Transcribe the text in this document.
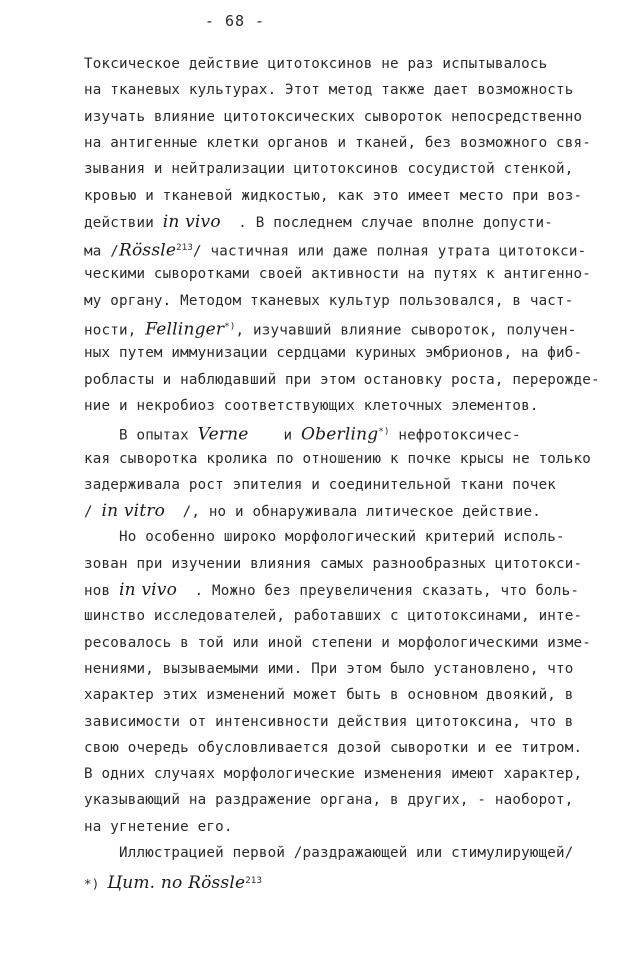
- 68 -
Токсическое действие цитотоксинов не раз испытывалось
на тканевых культурах. Этот метод также дает возможность
изучать влияние цитотоксических сывороток непосредственно
на антигенные клетки органов и тканей, без возможного свя-
зывания и нейтрализации цитотоксинов сосудистой стенкой,
кровью и тканевой жидкостью, как это имеет место при воз-
действии in vivo  . В последнем случае вполне допусти-
ма /Rössle$^{213}$/ частичная или даже полная утрата цитотокси-
ческими сыворотками своей активности на путях к антигенно-
му органу. Методом тканевых культур пользовался, в част-
ности, Fellinger*), изучавший влияние сывороток, получен-
ных путем иммунизации сердцами куриных эмбрионов, на фиб-
робласты и наблюдавший при этом остановку роста, перерожде-
ние и некробиоз соответствующих клеточных элементов.
В опытах Verne    и Oberling*) нефротоксичес-
кая сыворотка кролика по отношению к почке крысы не только
задерживала рост эпителия и соединительной ткани почек
/ in vitro  /, но и обнаруживала литическое действие.
Но особенно широко морфологический критерий исполь-
зован при изучении влияния самых разнообразных цитотокси-
нов in vivo  . Можно без преувеличения сказать, что боль-
шинство исследователей, работавших с цитотоксинами, инте-
ресовалось в той или иной степени и морфологическими изме-
нениями, вызываемыми ими. При этом было установлено, что
характер этих изменений может быть в основном двоякий, в
зависимости от интенсивности действия цитотоксина, что в
свою очередь обусловливается дозой сыворотки и ее титром.
В одних случаях морфологические изменения имеют характер,
указывающий на раздражение органа, в других, - наоборот,
на угнетение его.
Иллюстрацией первой /раздражающей или стимулирующей/
*) Цит. по Rössle$^{213}$
